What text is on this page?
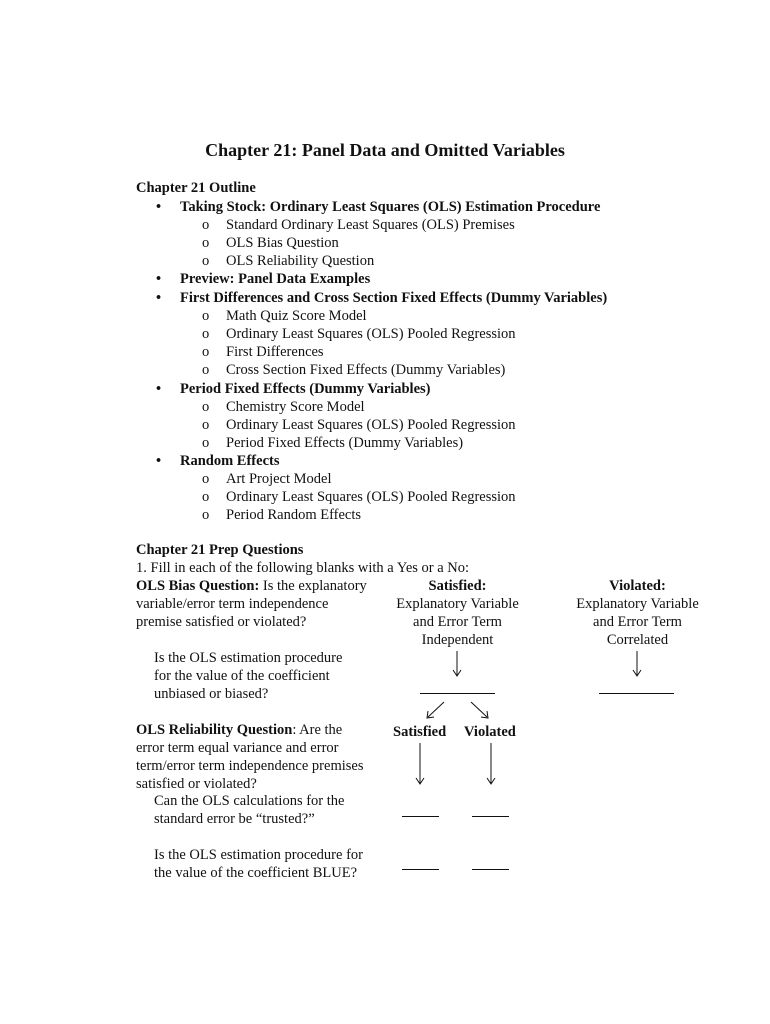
Chapter 21: Panel Data and Omitted Variables
Chapter 21 Outline
• Taking Stock: Ordinary Least Squares (OLS) Estimation Procedure
o Standard Ordinary Least Squares (OLS) Premises
o OLS Bias Question
o OLS Reliability Question
• Preview: Panel Data Examples
• First Differences and Cross Section Fixed Effects (Dummy Variables)
o Math Quiz Score Model
o Ordinary Least Squares (OLS) Pooled Regression
o First Differences
o Cross Section Fixed Effects (Dummy Variables)
• Period Fixed Effects (Dummy Variables)
o Chemistry Score Model
o Ordinary Least Squares (OLS) Pooled Regression
o Period Fixed Effects (Dummy Variables)
• Random Effects
o Art Project Model
o Ordinary Least Squares (OLS) Pooled Regression
o Period Random Effects
Chapter 21 Prep Questions
1. Fill in each of the following blanks with a Yes or a No:
OLS Bias Question: Is the explanatory
variable/error term independence
premise satisfied or violated?
Satisfied:
Explanatory Variable
and Error Term
Independent
Violated:
Explanatory Variable
and Error Term
Correlated
Is the OLS estimation procedure
for the value of the coefficient
unbiased or biased?
OLS Reliability Question: Are the
error term equal variance and error
term/error term independence premises
satisfied or violated?
Satisfied Violated
Can the OLS calculations for the
standard error be “trusted?”
Is the OLS estimation procedure for
the value of the coefficient BLUE?
